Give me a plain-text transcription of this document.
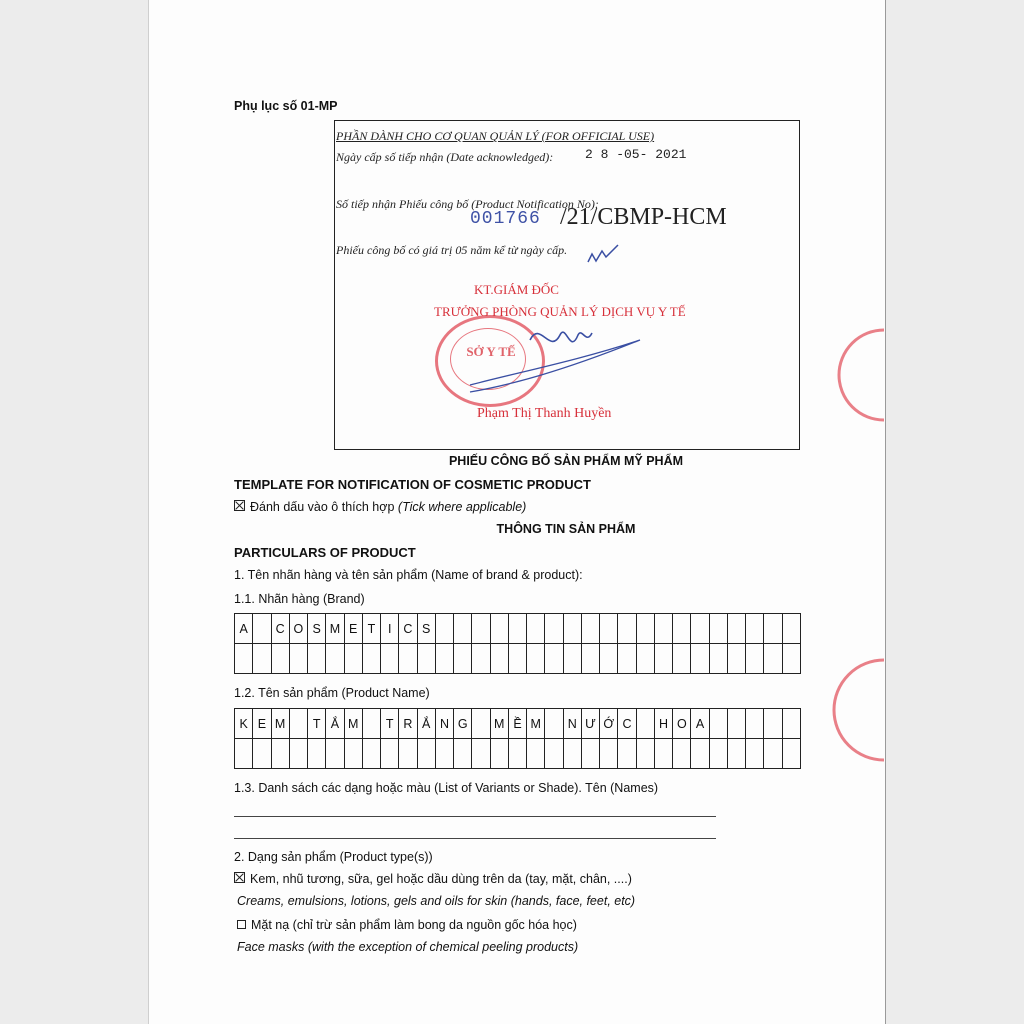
Phụ lục số 01-MP
PHẦN DÀNH CHO CƠ QUAN QUẢN LÝ (FOR OFFICIAL USE)
Ngày cấp số tiếp nhận (Date acknowledged): 2 8 -05- 2021
Số tiếp nhận Phiếu công bố (Product Notification No):
001766 /21/CBMP-HCM
Phiếu công bố có giá trị 05 năm kể từ ngày cấp.
SỞ Y TẾ
KT.GIÁM ĐỐC
TRƯỞNG PHÒNG QUẢN LÝ DỊCH VỤ Y TẾ
Phạm Thị Thanh Huyền
PHIẾU CÔNG BỐ SẢN PHẨM MỸ PHẨM
TEMPLATE FOR NOTIFICATION OF COSMETIC PRODUCT
Đánh dấu vào ô thích hợp (Tick where applicable)
THÔNG TIN SẢN PHẨM
PARTICULARS OF PRODUCT
1. Tên nhãn hàng và tên sản phẩm (Name of brand & product):
1.1. Nhãn hàng (Brand)
A	C O S M E T	I C S
1.2. Tên sản phẩm (Product Name)
K E M	T Ắ M	T R Ắ N G	M Ề M	N Ư Ớ C	H O A
1.3. Danh sách các dạng hoặc màu (List of Variants or Shade). Tên (Names)
2. Dạng sản phẩm (Product type(s))
Kem, nhũ tương, sữa, gel hoặc dầu dùng trên da (tay, mặt, chân, ....)
Creams, emulsions, lotions, gels and oils for skin (hands, face, feet, etc)
Mặt nạ (chỉ trừ sản phẩm làm bong da nguồn gốc hóa học)
Face masks (with the exception of chemical peeling products)
